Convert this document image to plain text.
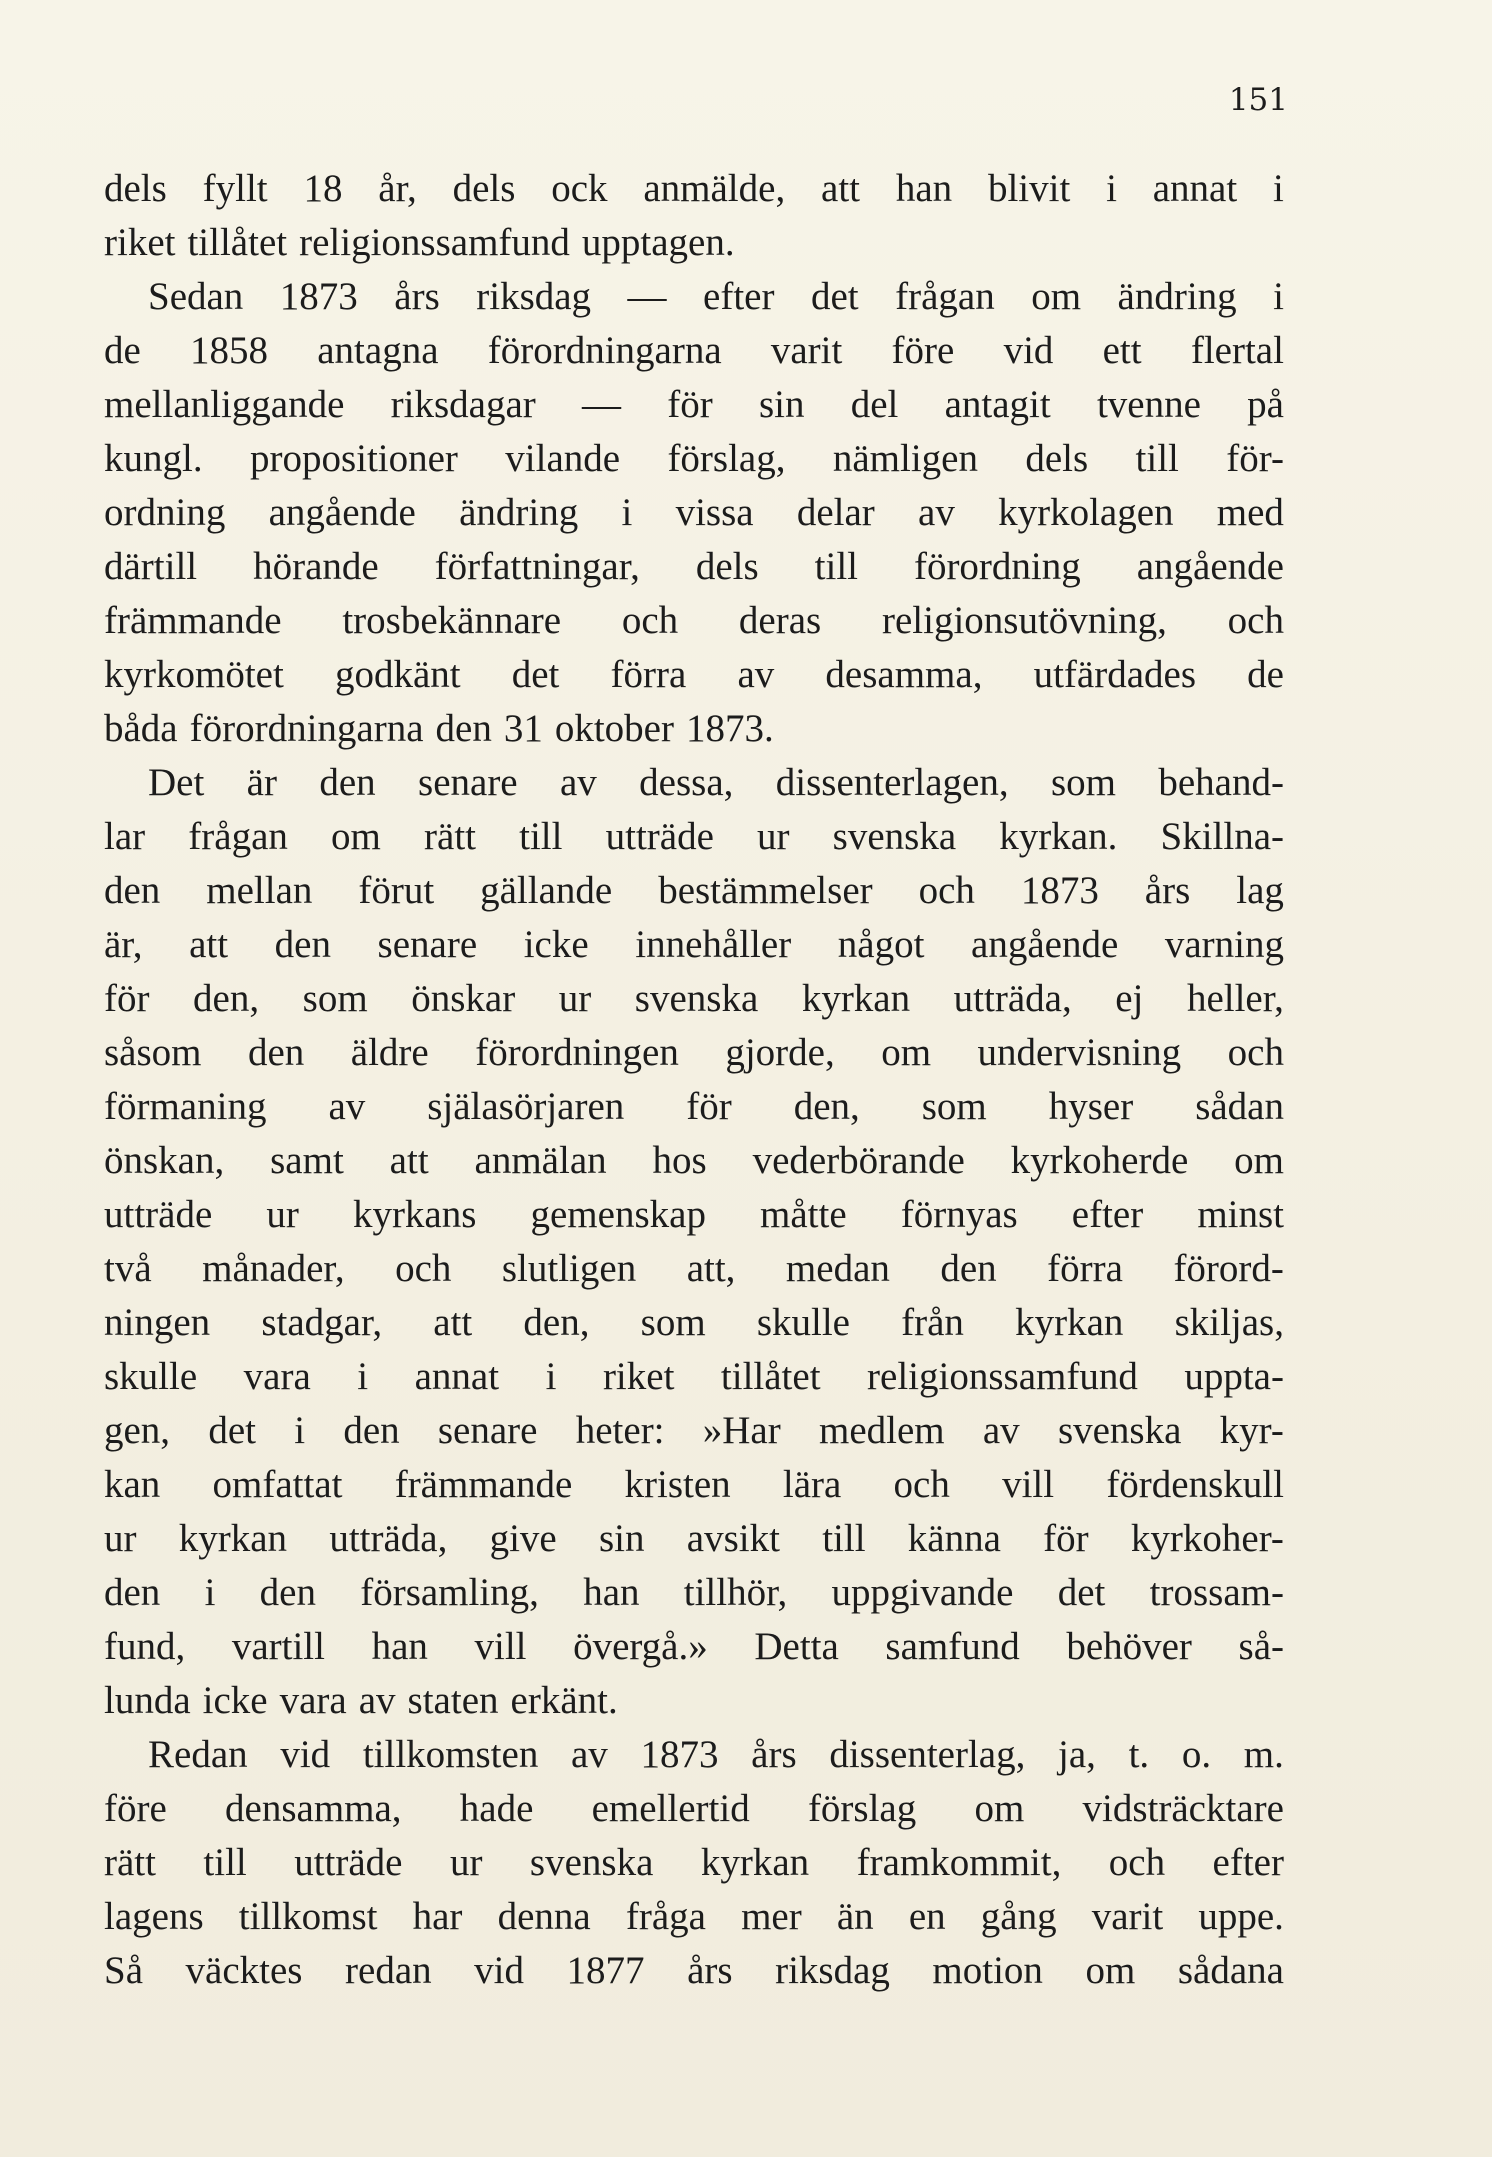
151
dels fyllt 18 år, dels ock anmälde, att han blivit i annat i
riket tillåtet religionssamfund upptagen.
Sedan 1873 års riksdag — efter det frågan om ändring i
de 1858 antagna förordningarna varit före vid ett flertal
mellanliggande riksdagar — för sin del antagit tvenne på
kungl. propositioner vilande förslag, nämligen dels till för-
ordning angående ändring i vissa delar av kyrkolagen med
därtill hörande författningar, dels till förordning angående
främmande trosbekännare och deras religionsutövning, och
kyrkomötet godkänt det förra av desamma, utfärdades de
båda förordningarna den 31 oktober 1873.
Det är den senare av dessa, dissenterlagen, som behand-
lar frågan om rätt till utträde ur svenska kyrkan. Skillna-
den mellan förut gällande bestämmelser och 1873 års lag
är, att den senare icke innehåller något angående varning
för den, som önskar ur svenska kyrkan utträda, ej heller,
såsom den äldre förordningen gjorde, om undervisning och
förmaning av själasörjaren för den, som hyser sådan
önskan, samt att anmälan hos vederbörande kyrkoherde om
utträde ur kyrkans gemenskap måtte förnyas efter minst
två månader, och slutligen att, medan den förra förord-
ningen stadgar, att den, som skulle från kyrkan skiljas,
skulle vara i annat i riket tillåtet religionssamfund uppta-
gen, det i den senare heter: »Har medlem av svenska kyr-
kan omfattat främmande kristen lära och vill fördenskull
ur kyrkan utträda, give sin avsikt till känna för kyrkoher-
den i den församling, han tillhör, uppgivande det trossam-
fund, vartill han vill övergå.» Detta samfund behöver så-
lunda icke vara av staten erkänt.
Redan vid tillkomsten av 1873 års dissenterlag, ja, t. o. m.
före densamma, hade emellertid förslag om vidsträcktare
rätt till utträde ur svenska kyrkan framkommit, och efter
lagens tillkomst har denna fråga mer än en gång varit uppe.
Så väcktes redan vid 1877 års riksdag motion om sådana
